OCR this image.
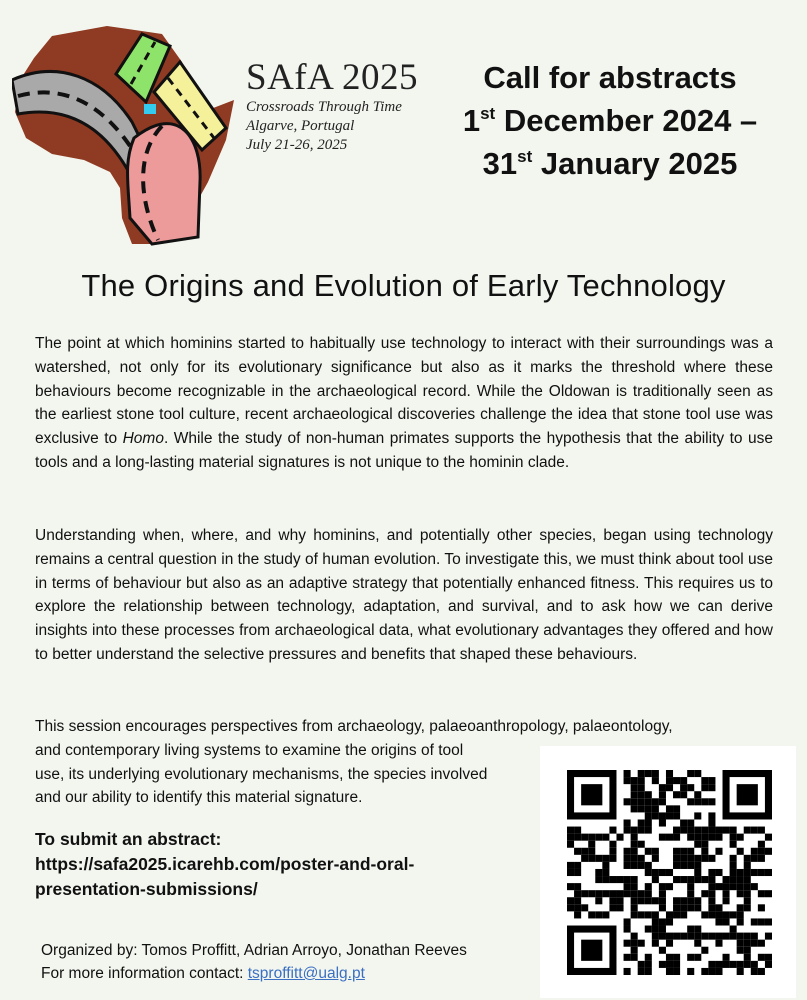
SAfA 2025
Crossroads Through Time
Algarve, Portugal
July 21-26, 2025
Call for abstracts
1st December 2024 –
31st January 2025
The Origins and Evolution of Early Technology

The point at which hominins started to habitually use technology to interact with their surroundings was a watershed, not only for its evolutionary significance but also as it marks the threshold where these behaviours become recognizable in the archaeological record. While the Oldowan is traditionally seen as the earliest stone tool culture, recent archaeological discoveries challenge the idea that stone tool use was exclusive to Homo. While the study of non-human primates supports the hypothesis that the ability to use tools and a long-lasting material signatures is not unique to the hominin clade.

Understanding when, where, and why hominins, and potentially other species, began using technology remains a central question in the study of human evolution. To investigate this, we must think about tool use in terms of behaviour but also as an adaptive strategy that potentially enhanced fitness. This requires us to explore the relationship between technology, adaptation, and survival, and to ask how we can derive insights into these processes from archaeological data, what evolutionary advantages they offered and how to better understand the selective pressures and benefits that shaped these behaviours.

This session encourages perspectives from archaeology, palaeoanthropology, palaeontology,
and contemporary living systems to examine the origins of tool
use, its underlying evolutionary mechanisms, the species involved
and our ability to identify this material signature.

To submit an abstract:
https://safa2025.icarehb.com/poster-and-oral-
presentation-submissions/
Organized by: Tomos Proffitt, Adrian Arroyo, Jonathan Reeves
For more information contact: tsproffitt@ualg.pt
